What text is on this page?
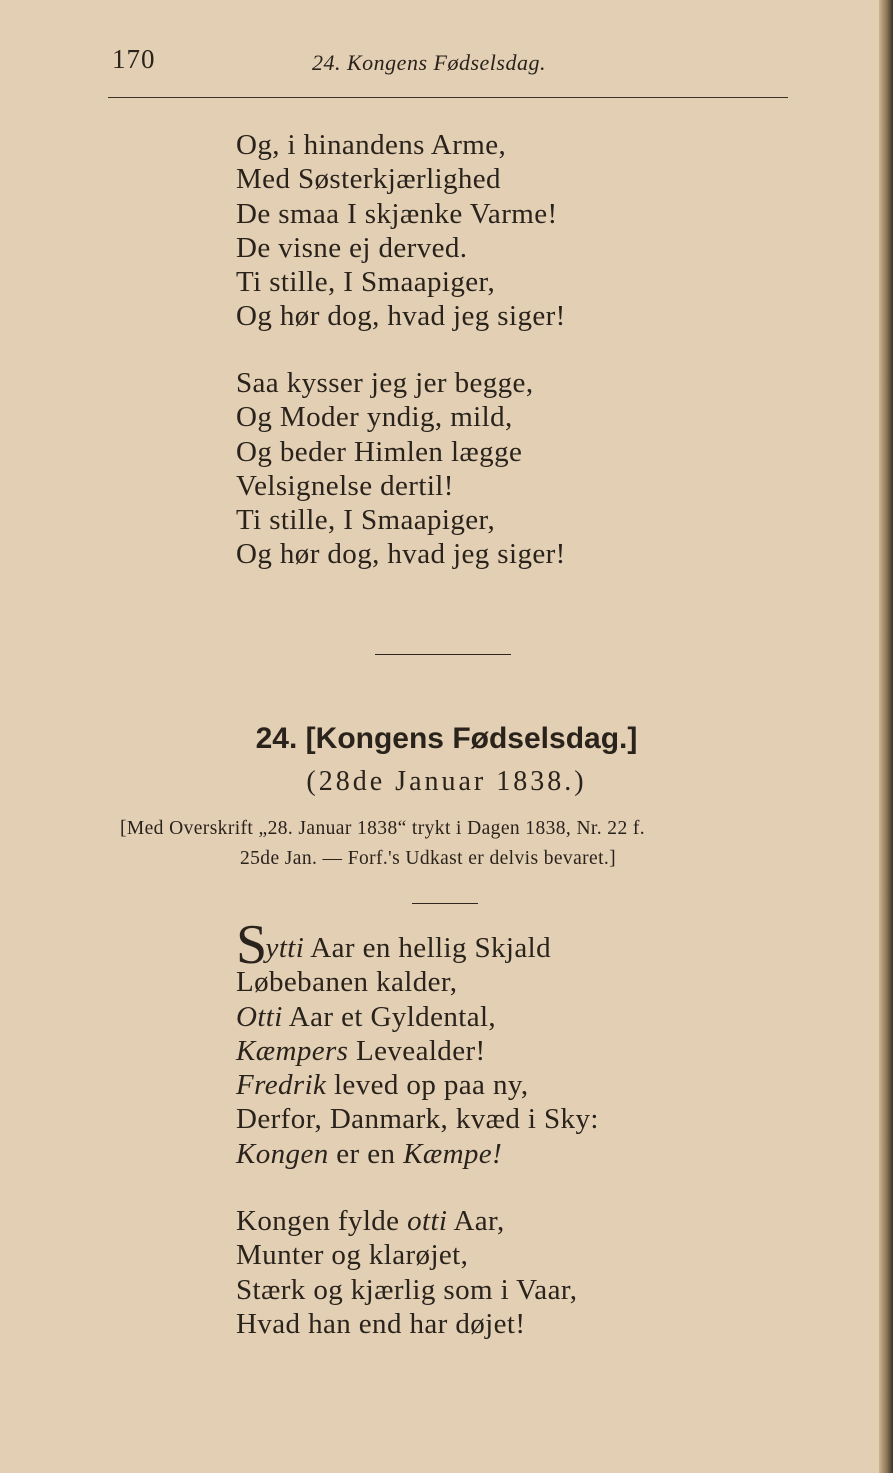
170	24. Kongens Fødselsdag.
Og, i hinandens Arme,
Med Søsterkjærlighed
De smaa I skjænke Varme!
De visne ej derved.
Ti stille, I Smaapiger,
Og hør dog, hvad jeg siger!
Saa kysser jeg jer begge,
Og Moder yndig, mild,
Og beder Himlen lægge
Velsignelse dertil!
Ti stille, I Smaapiger,
Og hør dog, hvad jeg siger!
24. [Kongens Fødselsdag.]
(28de Januar 1838.)
[Med Overskrift „28. Januar 1838“ trykt i Dagen 1838, Nr. 22 f.
25de Jan. — Forf.'s Udkast er delvis bevaret.]
Sytti Aar en hellig Skjald
Løbebanen kalder,
Otti Aar et Gyldental,
Kæmpers Levealder!
Fredrik leved op paa ny,
Derfor, Danmark, kvæd i Sky:
Kongen er en Kæmpe!
Kongen fylde otti Aar,
Munter og klarøjet,
Stærk og kjærlig som i Vaar,
Hvad han end har døjet!
